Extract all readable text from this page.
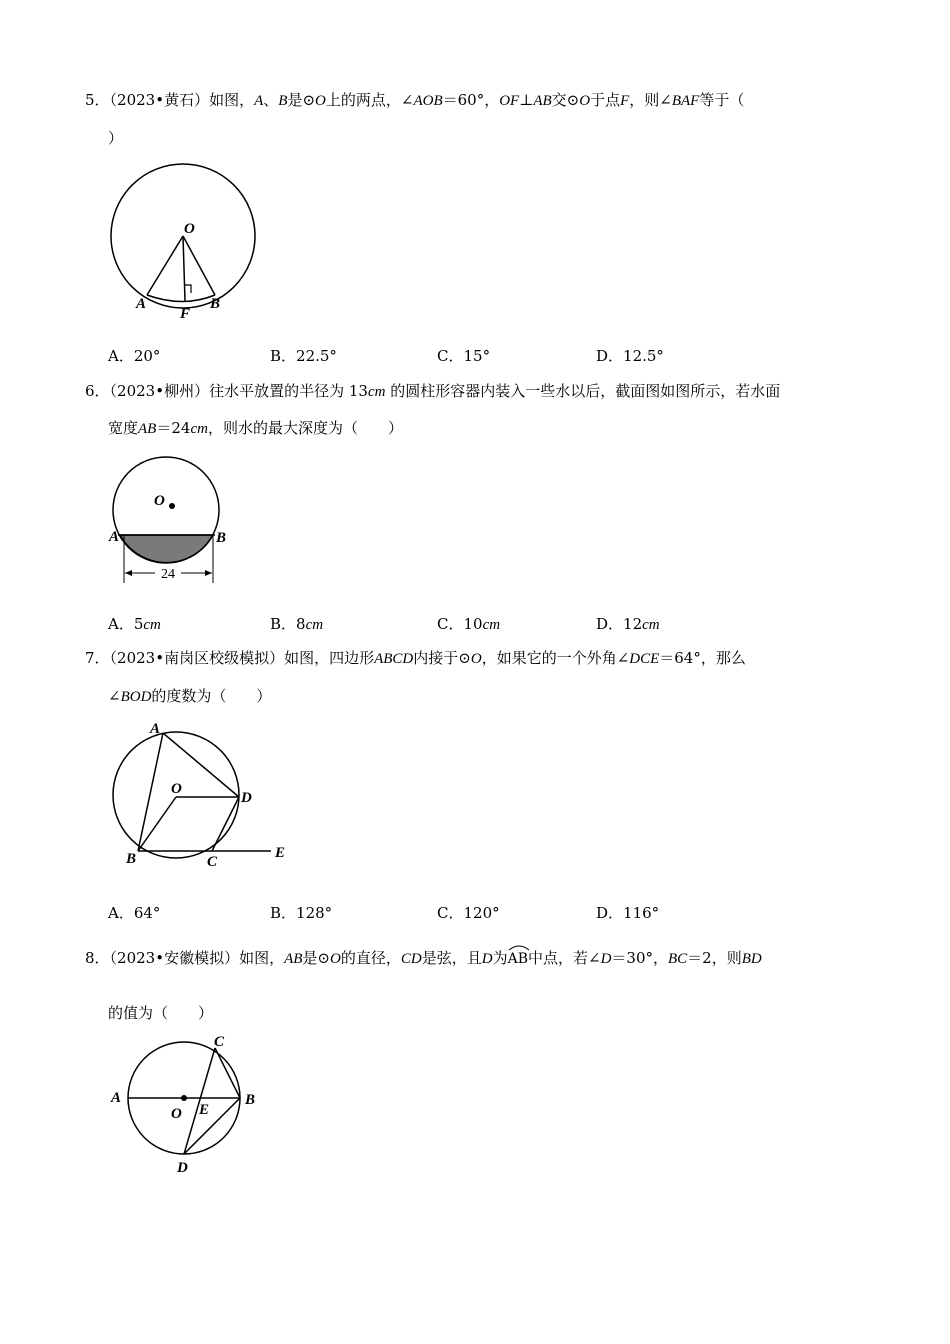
5．（2023•黄石）如图，A、B是⊙O上的两点，∠AOB＝60°，OF⊥AB交⊙O于点F，则∠BAF等于（
）
O
A	B
F
A．20°	B．22.5°	C．15°	D．12.5°
6．（2023•柳州）往水平放置的半径为 13cm 的圆柱形容器内装入一些水以后，截面图如图所示，若水面
宽度AB＝24cm，则水的最大深度为（　　）
24
O
A	B
A．5cm	B．8cm	C．10cm	D．12cm
7．（2023•南岗区校级模拟）如图，四边形ABCD内接于⊙O，如果它的一个外角∠DCE＝64°，那么
∠BOD的度数为（　　）
A
O
D
B	C
E
A．64°	B．128°	C．120°	D．116°
8．（2023•安徽模拟）如图，AB是⊙O的直径，CD是弦，且D为
AB中点，若∠D＝30°，BC＝2，则BD
的值为（　　）
A
O E
B
C
D
